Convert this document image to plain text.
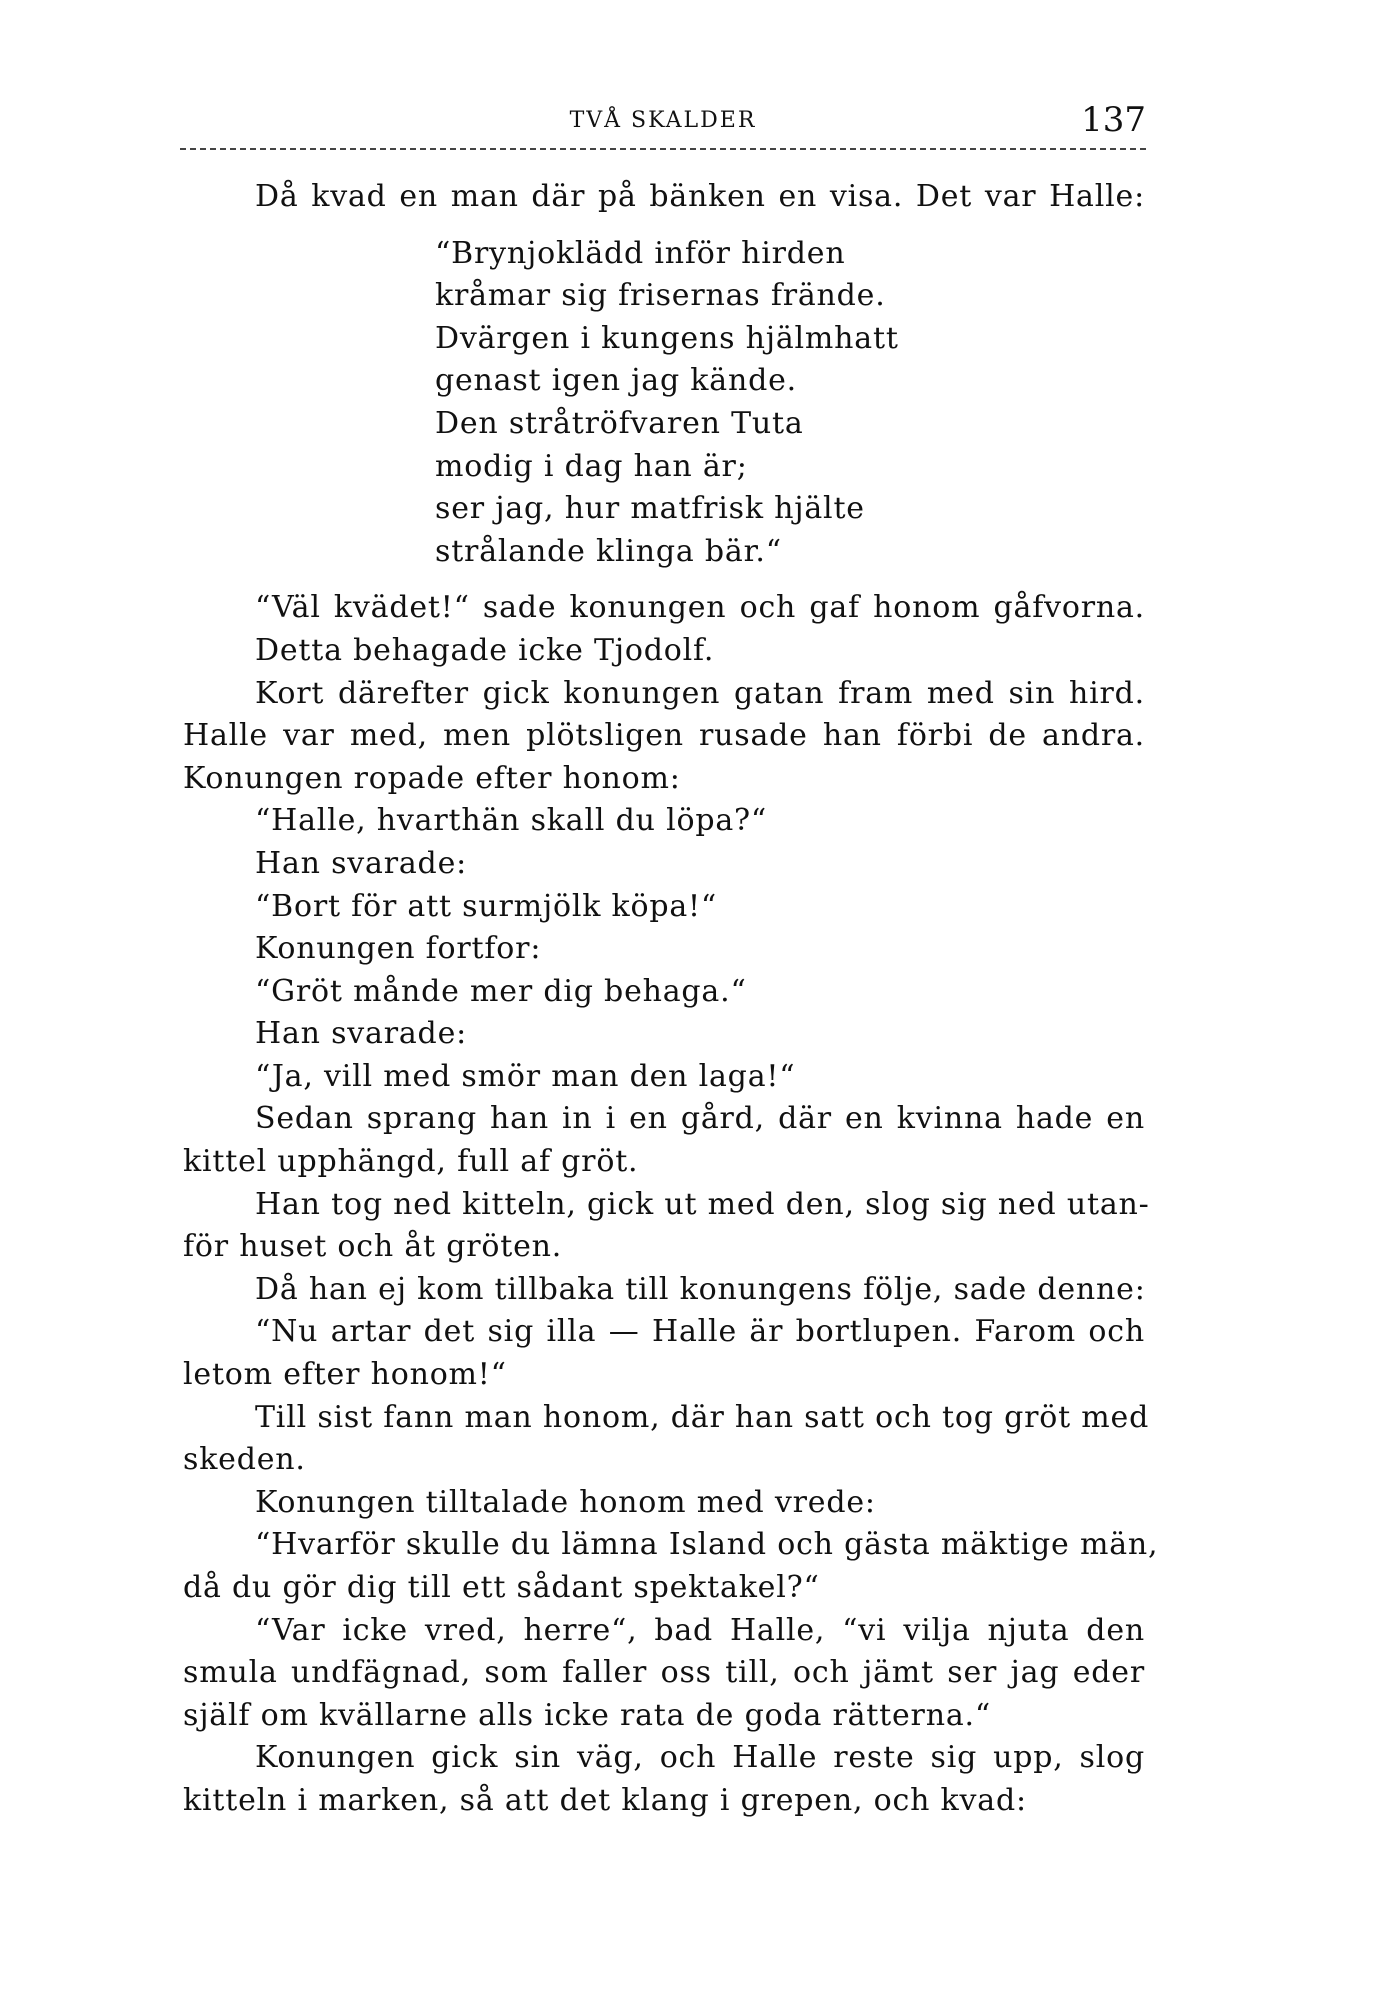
TVÅ SKALDER	137
Då kvad en man där på bänken en visa. Det var Halle:
“Brynjoklädd inför hirden
kråmar sig frisernas frände.
Dvärgen i kungens hjälmhatt
genast igen jag kände.
Den stråtröfvaren Tuta
modig i dag han är;
ser jag, hur matfrisk hjälte
strålande klinga bär.“
“Väl kvädet!“ sade konungen och gaf honom gåfvorna.
Detta behagade icke Tjodolf.
Kort därefter gick konungen gatan fram med sin hird.
Halle var med, men plötsligen rusade han förbi de andra.
Konungen ropade efter honom:
“Halle, hvarthän skall du löpa?“
Han svarade:
“Bort för att surmjölk köpa!“
Konungen fortfor:
“Gröt månde mer dig behaga.“
Han svarade:
“Ja, vill med smör man den laga!“
Sedan sprang han in i en gård, där en kvinna hade en
kittel upphängd, full af gröt.
Han tog ned kitteln, gick ut med den, slog sig ned utan-
för huset och åt gröten.
Då han ej kom tillbaka till konungens följe, sade denne:
“Nu artar det sig illa — Halle är bortlupen. Farom och
letom efter honom!“
Till sist fann man honom, där han satt och tog gröt med
skeden.
Konungen tilltalade honom med vrede:
“Hvarför skulle du lämna Island och gästa mäktige män,
då du gör dig till ett sådant spektakel?“
“Var icke vred, herre“, bad Halle, “vi vilja njuta den
smula undfägnad, som faller oss till, och jämt ser jag eder
själf om kvällarne alls icke rata de goda rätterna.“
Konungen gick sin väg, och Halle reste sig upp, slog
kitteln i marken, så att det klang i grepen, och kvad:
